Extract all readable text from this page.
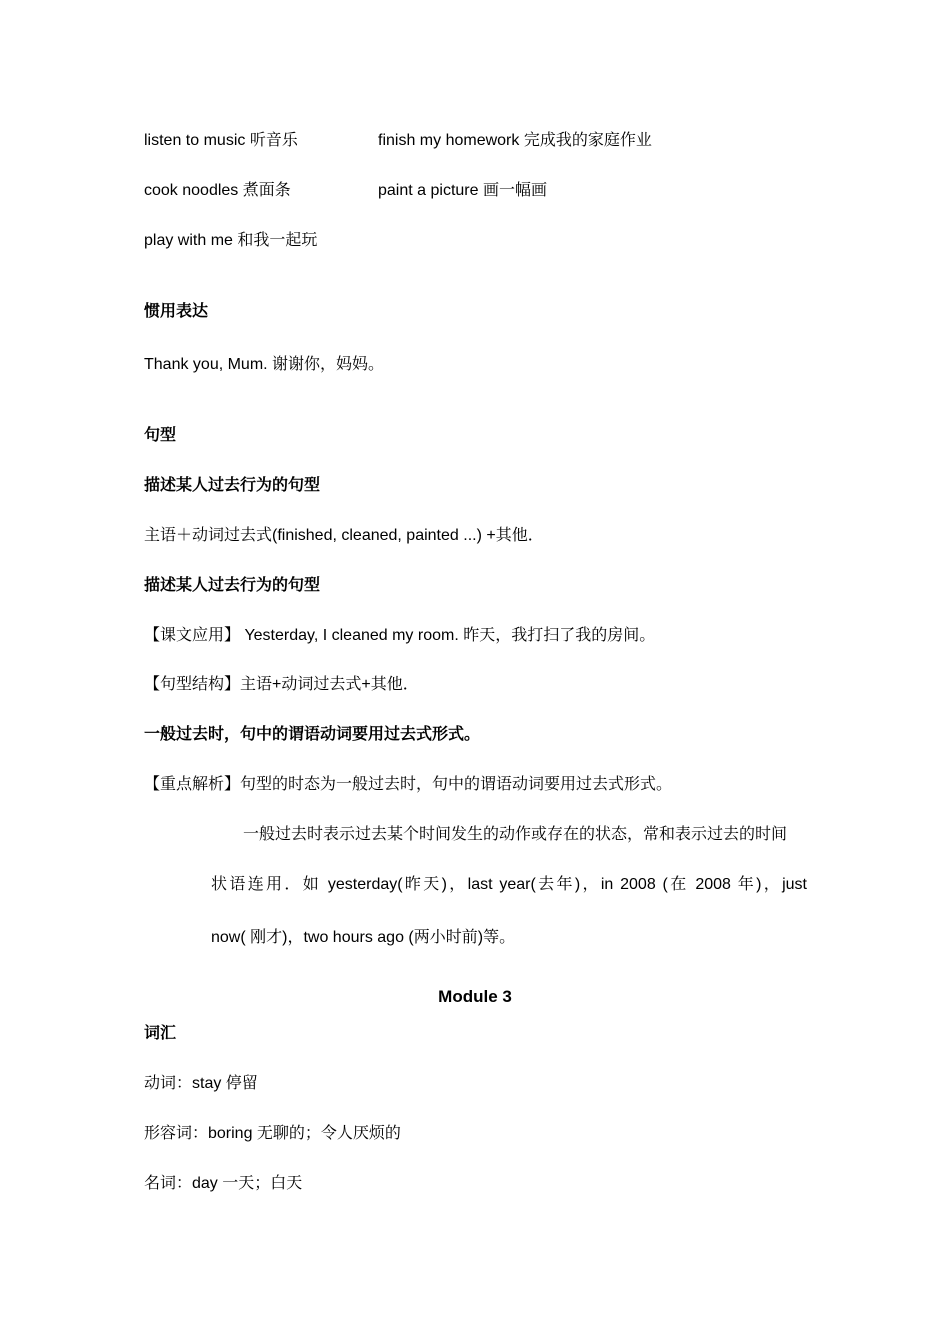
listen to music 听音乐	finish my homework 完成我的家庭作业
cook noodles 煮面条	paint a picture 画一幅画
play with me 和我一起玩
惯用表达
Thank you, Mum. 谢谢你，妈妈。
句型
描述某人过去行为的句型
主语＋动词过去式(finished, cleaned, painted ...) +其他．
描述某人过去行为的句型
【课文应用】 Yesterday, I cleaned my room. 昨天，我打扫了我的房间。
【句型结构】主语+动词过去式+其他．
一般过去时，句中的谓语动词要用过去式形式。
【重点解析】句型的时态为一般过去时，句中的谓语动词要用过去式形式。
一般过去时表示过去某个时间发生的动作或存在的状态，常和表示过去的时间
状语连用．如 yesterday(昨天)，last year(去年)，in 2008 (在 2008 年)，just
now( 刚才)，two hours ago (两小时前)等。
Module 3
词汇
动词：stay 停留
形容词：boring 无聊的；令人厌烦的
名词：day 一天；白天
